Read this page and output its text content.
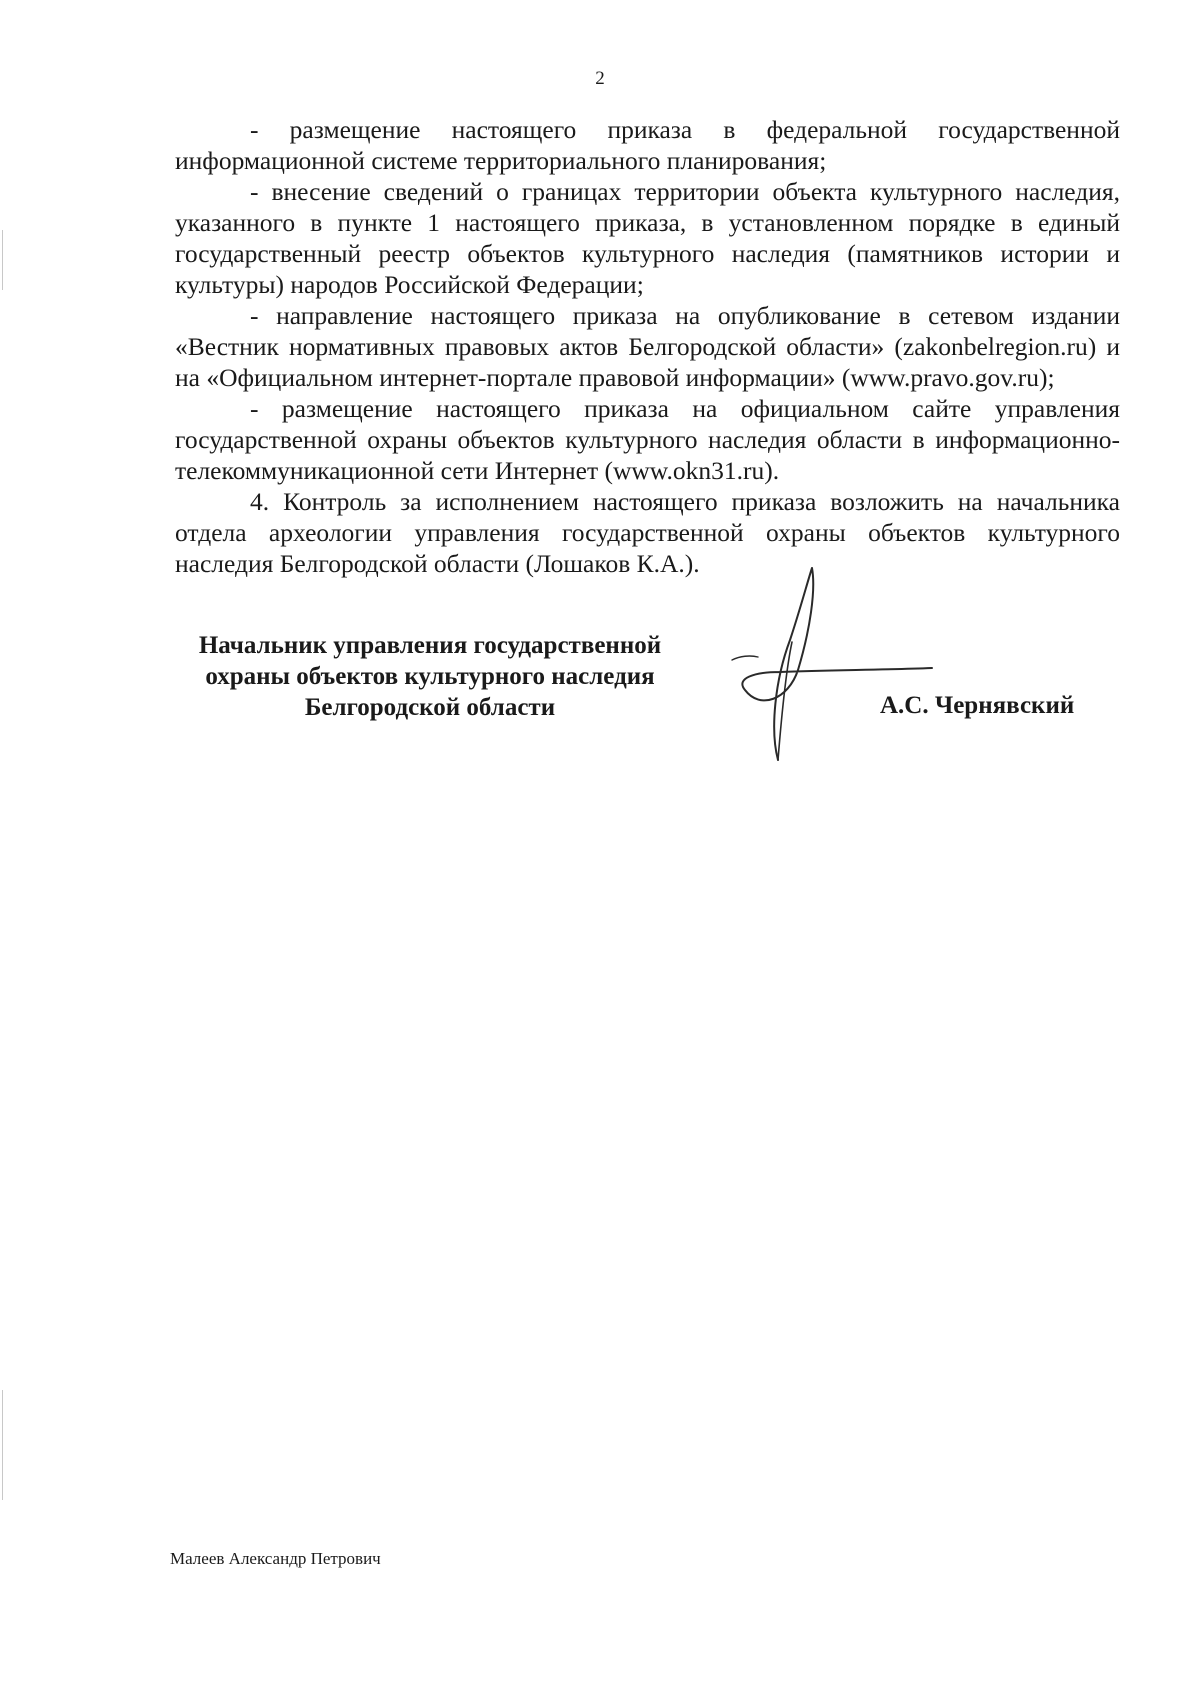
2

- размещение настоящего приказа в федеральной государственной информационной системе территориального планирования;

- внесение сведений о границах территории объекта культурного наследия, указанного в пункте 1 настоящего приказа, в установленном порядке в единый государственный реестр объектов культурного наследия (памятников истории и культуры) народов Российской Федерации;

- направление настоящего приказа на опубликование в сетевом издании «Вестник нормативных правовых актов Белгородской области» (zakonbelregion.ru) и на «Официальном интернет-портале правовой информации» (www.pravo.gov.ru);

- размещение настоящего приказа на официальном сайте управления государственной охраны объектов культурного наследия области в информационно-телекоммуникационной сети Интернет (www.okn31.ru).

4. Контроль за исполнением настоящего приказа возложить на начальника отдела археологии управления государственной охраны объектов культурного наследия Белгородской области (Лошаков К.А.).

Начальник управления государственной
охраны объектов культурного наследия
Белгородской области	А.С. Чернявский
Малеев Александр Петрович
